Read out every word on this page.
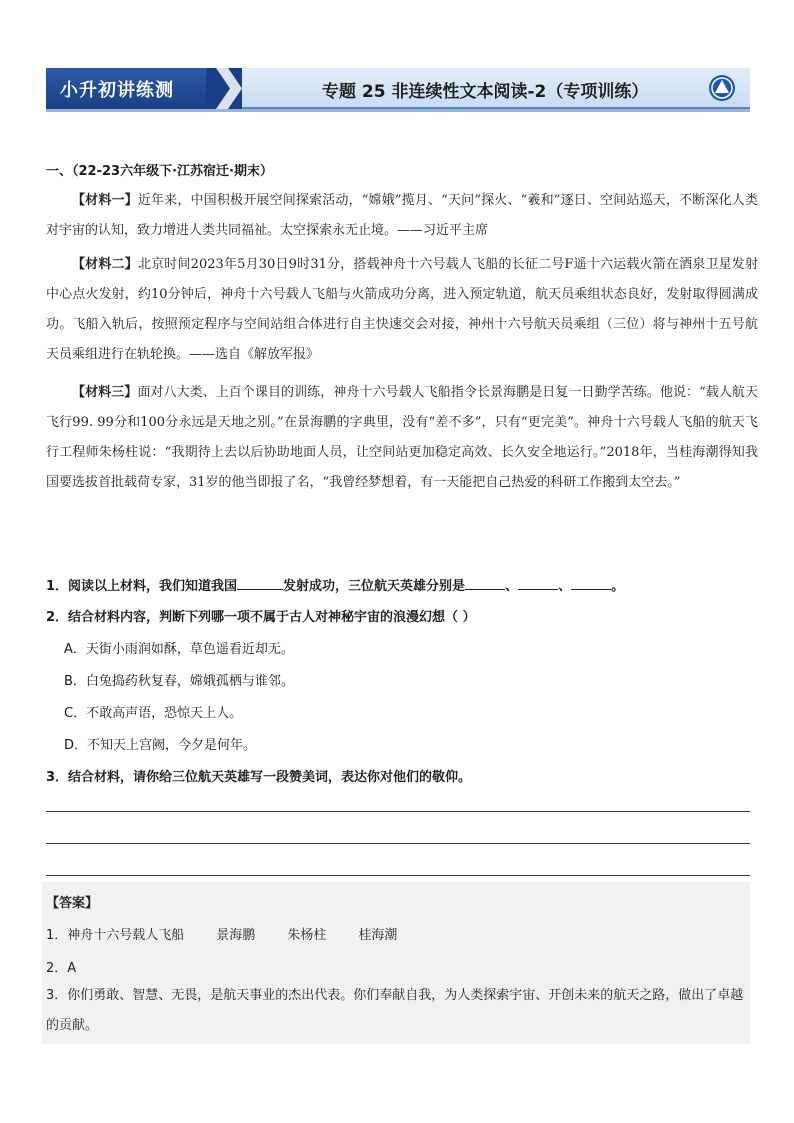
小升初讲练测	专题 25 非连续性文本阅读-2（专项训练）
一、（22-23六年级下·江苏宿迁·期末）
【材料一】近年来，中国积极开展空间探索活动，“嫦娥”揽月、“天问”探火、“羲和”逐日、空间站巡天，不断深化人类对宇宙的认知，致力增进人类共同福祉。太空探索永无止境。——习近平主席
【材料二】北京时间2023年5月30日9时31分，搭载神舟十六号载人飞船的长征二号F遥十六运载火箭在酒泉卫星发射中心点火发射，约10分钟后，神舟十六号载人飞船与火箭成功分离，进入预定轨道，航天员乘组状态良好，发射取得圆满成功。飞船入轨后，按照预定程序与空间站组合体进行自主快速交会对接，神州十六号航天员乘组（三位）将与神州十五号航天员乘组进行在轨轮换。——选自《解放军报》
【材料三】面对八大类、上百个课目的训练，神舟十六号载人飞船指令长景海鹏是日复一日勤学苦练。他说：“载人航天飞行99. 99分和100分永远是天地之别。”在景海鹏的字典里，没有“差不多”，只有“更完美”。神舟十六号载人飞船的航天飞行工程师朱杨柱说：“我期待上去以后协助地面人员，让空间站更加稳定高效、长久安全地运行。”2018年，当桂海潮得知我国要选拔首批载荷专家，31岁的他当即报了名，“我曾经梦想着，有一天能把自己热爱的科研工作搬到太空去。”
1．阅读以上材料，我们知道我国	发射成功，三位航天英雄分别是	、	、	。
2．结合材料内容，判断下列哪一项不属于古人对神秘宇宙的浪漫幻想（ ）
A．天街小雨润如酥，草色遥看近却无。
B．白兔捣药秋复春，嫦娥孤栖与谁邻。
C．不敢高声语，恐惊天上人。
D．不知天上宫阙，今夕是何年。
3．结合材料，请你给三位航天英雄写一段赞美词，表达你对他们的敬仰。
【答案】
1．神舟十六号载人飞船 景海鹏 朱杨柱 桂海潮
2．A
3．你们勇敢、智慧、无畏，是航天事业的杰出代表。你们奉献自我，为人类探索宇宙、开创未来的航天之路，做出了卓越的贡献。
